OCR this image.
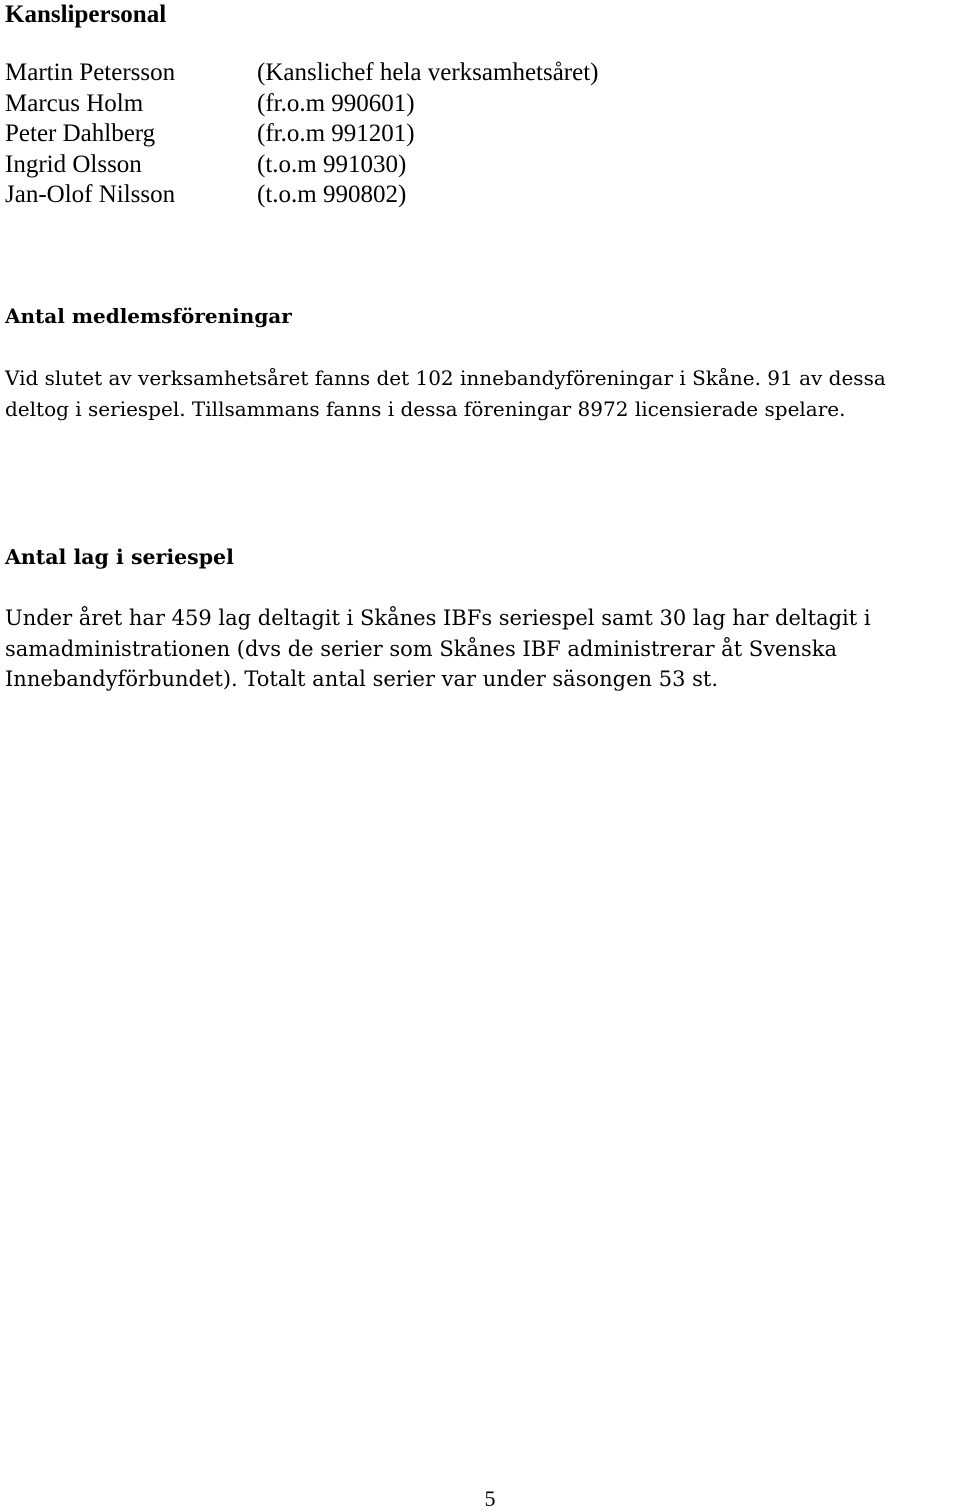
Kanslipersonal
Martin Petersson	(Kanslichef hela verksamhetsåret)
Marcus Holm	(fr.o.m 990601)
Peter Dahlberg	(fr.o.m 991201)
Ingrid Olsson	(t.o.m 991030)
Jan-Olof Nilsson	(t.o.m 990802)
Antal medlemsföreningar

Vid slutet av verksamhetsåret fanns det 102 innebandyföreningar i Skåne. 91 av dessa deltog i seriespel. Tillsammans fanns i dessa föreningar 8972 licensierade spelare.

Antal lag i seriespel

Under året har 459 lag deltagit i Skånes IBFs seriespel samt 30 lag har deltagit i samadministrationen (dvs de serier som Skånes IBF administrerar åt Svenska Innebandyförbundet). Totalt antal serier var under säsongen 53 st.

5
